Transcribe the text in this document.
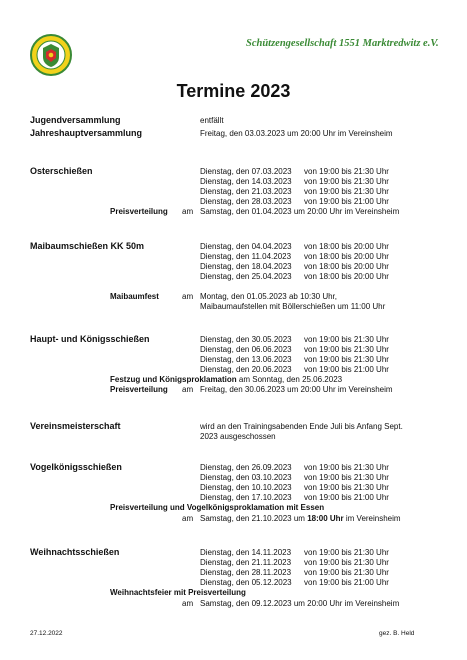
Schützengesellschaft 1551 Marktredwitz e.V.
Termine 2023
Jugendversammlung	entfällt
Jahreshauptversammlung	Freitag, den 03.03.2023 um 20:00 Uhr im Vereinsheim
Osterschießen	Dienstag, den 07.03.2023 von 19:00 bis 21:30 Uhr
Dienstag, den 14.03.2023 von 19:00 bis 21:30 Uhr
Dienstag, den 21.03.2023 von 19:00 bis 21:30 Uhr
Dienstag, den 28.03.2023 von 19:00 bis 21:00 Uhr
Preisverteilung am Samstag, den 01.04.2023 um 20:00 Uhr im Vereinsheim
Maibaumschießen KK 50m	Dienstag, den 04.04.2023 von 18:00 bis 20:00 Uhr
Dienstag, den 11.04.2023 von 18:00 bis 20:00 Uhr
Dienstag, den 18.04.2023 von 18:00 bis 20:00 Uhr
Dienstag, den 25.04.2023 von 18:00 bis 20:00 Uhr
Maibaumfest	am Montag, den 01.05.2023 ab 10:30 Uhr,
Maibaumaufstellen mit Böllerschießen um 11:00 Uhr
Haupt- und Königsschießen	Dienstag, den 30.05.2023 von 19:00 bis 21:30 Uhr
Dienstag, den 06.06.2023 von 19:00 bis 21:30 Uhr
Dienstag, den 13.06.2023 von 19:00 bis 21:30 Uhr
Dienstag, den 20.06.2023 von 19:00 bis 21:00 Uhr
Festzug und Königsproklamation am Sonntag, den 25.06.2023
Preisverteilung am Freitag, den 30.06.2023 um 20:00 Uhr im Vereinsheim
Vereinsmeisterschaft	wird an den Trainingsabenden Ende Juli bis Anfang Sept.
2023 ausgeschossen
Vogelkönigsschießen	Dienstag, den 26.09.2023 von 19:00 bis 21:30 Uhr
Dienstag, den 03.10.2023 von 19:00 bis 21:30 Uhr
Dienstag, den 10.10.2023 von 19:00 bis 21:30 Uhr
Dienstag, den 17.10.2023 von 19:00 bis 21:00 Uhr
Preisverteilung und Vogelkönigsproklamation mit Essen
am Samstag, den 21.10.2023 um 18:00 Uhr im Vereinsheim
Weihnachtsschießen	Dienstag, den 14.11.2023 von 19:00 bis 21:30 Uhr
Dienstag, den 21.11.2023 von 19:00 bis 21:30 Uhr
Dienstag, den 28.11.2023 von 19:00 bis 21:30 Uhr
Dienstag, den 05.12.2023 von 19:00 bis 21:00 Uhr
Weihnachtsfeier mit Preisverteilung
am Samstag, den 09.12.2023 um 20:00 Uhr im Vereinsheim
27.12.2022	gez. B. Held
